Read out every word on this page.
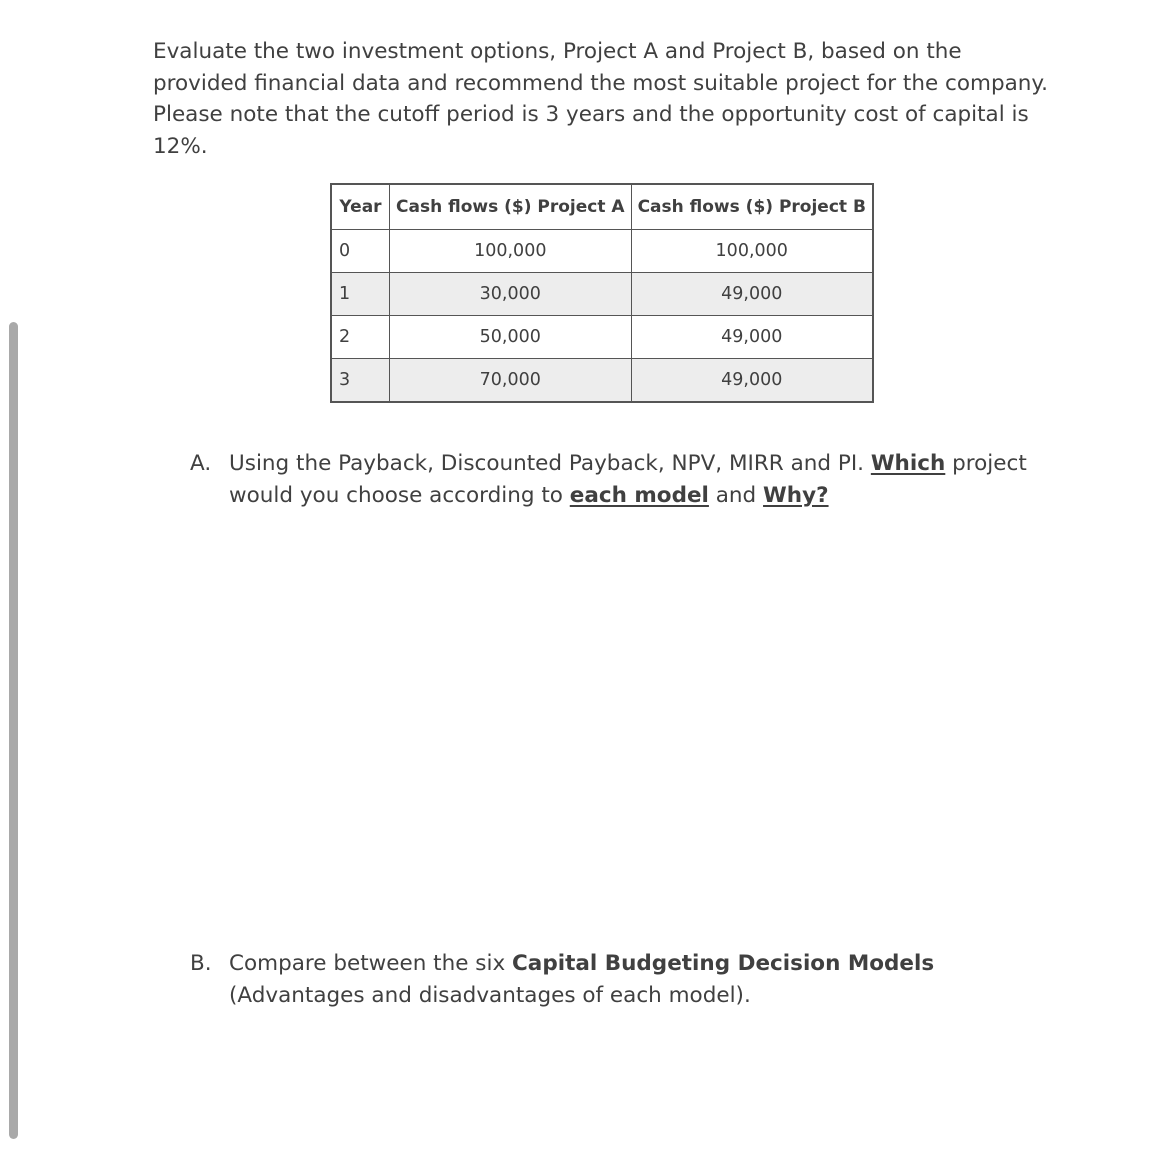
Evaluate the two investment options, Project A and Project B, based on the provided financial data and recommend the most suitable project for the company. Please note that the cutoff period is 3 years and the opportunity cost of capital is 12%.

Year	Cash flows ($) Project A	Cash flows ($) Project B
0	100,000	100,000
1	30,000	49,000
2	50,000	49,000
3	70,000	49,000
A. Using the Payback, Discounted Payback, NPV, MIRR and PI. Which project would you choose according to each model and Why?
B. Compare between the six Capital Budgeting Decision Models (Advantages and disadvantages of each model).
